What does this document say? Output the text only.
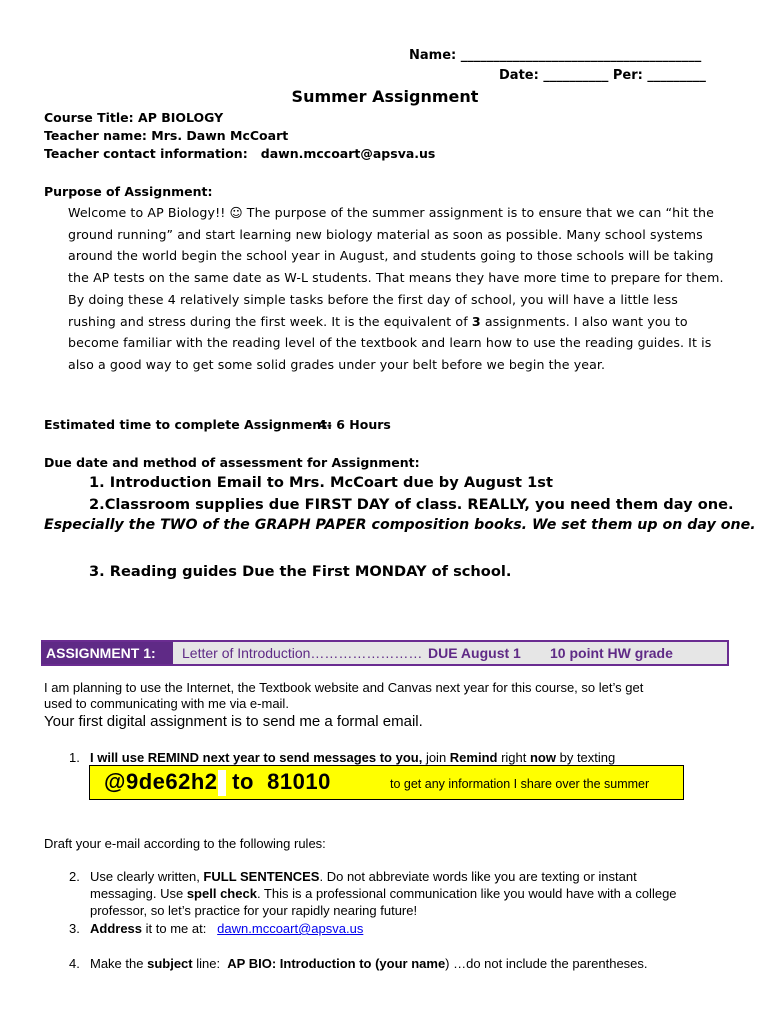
Name: _____________________________________
Date: __________ Per: _________
Summer Assignment
Course Title: AP BIOLOGY
Teacher name: Mrs. Dawn McCoart
Teacher contact information: dawn.mccoart@apsva.us
Purpose of Assignment:
Welcome to AP Biology!! ☺ The purpose of the summer assignment is to ensure that we can “hit the ground running” and start learning new biology material as soon as possible. Many school systems around the world begin the school year in August, and students going to those schools will be taking the AP tests on the same date as W-L students. That means they have more time to prepare for them. By doing these 4 relatively simple tasks before the first day of school, you will have a little less rushing and stress during the first week. It is the equivalent of 3 assignments. I also want you to become familiar with the reading level of the textbook and learn how to use the reading guides. It is also a good way to get some solid grades under your belt before we begin the year.
Estimated time to complete Assignment:
4- 6 Hours
Due date and method of assessment for Assignment:
1. Introduction Email to Mrs. McCoart due by August 1st
2.Classroom supplies due FIRST DAY of class. REALLY, you need them day one.
Especially the TWO of the GRAPH PAPER composition books. We set them up on day one.
3. Reading guides Due the First MONDAY of school.
ASSIGNMENT 1: Letter of Introduction…………………… DUE August 1 10 point HW grade
I am planning to use the Internet, the Textbook website and Canvas next year for this course, so let’s get
used to communicating with me via e-mail.
Your first digital assignment is to send me a formal email.
1. I will use REMIND next year to send messages to you, join Remind right now by texting
@9de62h2 to 81010	to get any information I share over the summer
Draft your e-mail according to the following rules:
2. Use clearly written, FULL SENTENCES. Do not abbreviate words like you are texting or instant
messaging. Use spell check. This is a professional communication like you would have with a college
professor, so let’s practice for your rapidly nearing future!
3. Address it to me at:   dawn.mccoart@apsva.us
4. Make the subject line:  AP BIO: Introduction to (your name) …do not include the parentheses.
